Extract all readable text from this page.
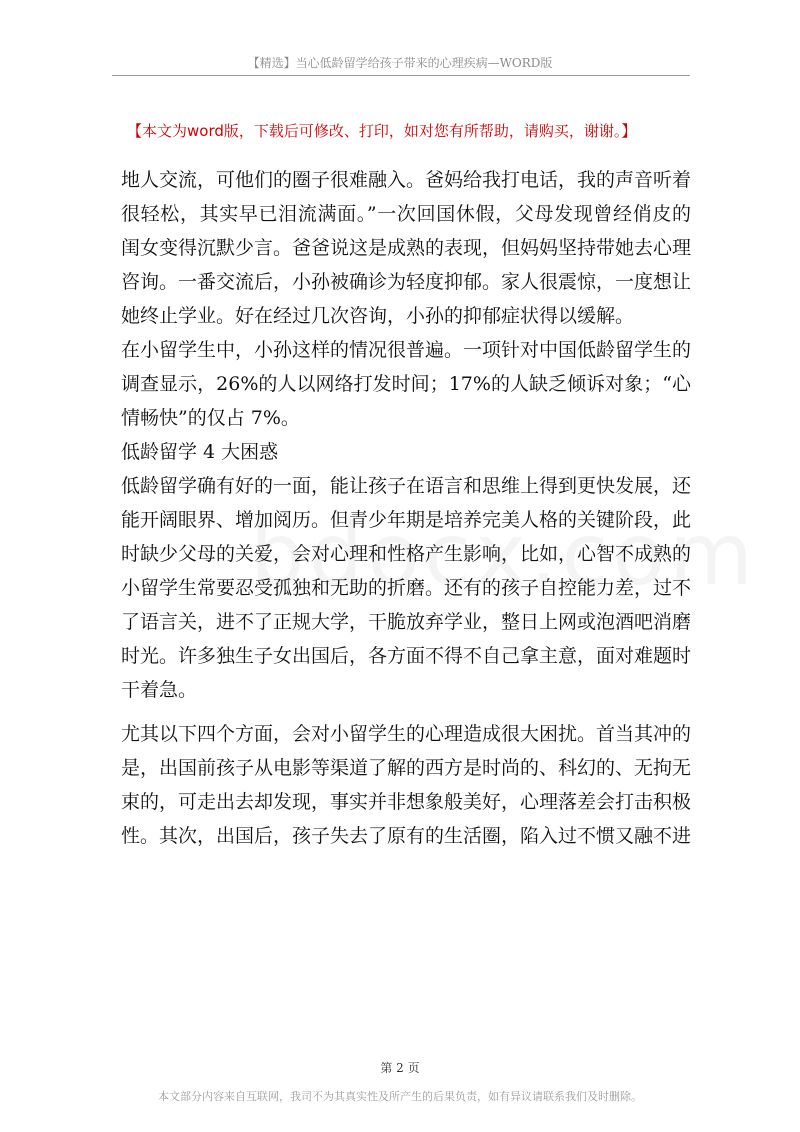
【精选】当心低龄留学给孩子带来的心理疾病—WORD版
【本文为word版，下载后可修改、打印，如对您有所帮助，请购买，谢谢。】

地人交流，可他们的圈子很难融入。爸妈给我打电话，我的声音听着很轻松，其实早已泪流满面。”一次回国休假，父母发现曾经俏皮的闺女变得沉默少言。爸爸说这是成熟的表现，但妈妈坚持带她去心理咨询。一番交流后，小孙被确诊为轻度抑郁。家人很震惊，一度想让她终止学业。好在经过几次咨询，小孙的抑郁症状得以缓解。

在小留学生中，小孙这样的情况很普遍。一项针对中国低龄留学生的调查显示，26%的人以网络打发时间；17%的人缺乏倾诉对象；“心情畅快”的仅占 7%。

低龄留学 4 大困惑

低龄留学确有好的一面，能让孩子在语言和思维上得到更快发展，还能开阔眼界、增加阅历。但青少年期是培养完美人格的关键阶段，此时缺少父母的关爱，会对心理和性格产生影响，比如，心智不成熟的小留学生常要忍受孤独和无助的折磨。还有的孩子自控能力差，过不了语言关，进不了正规大学，干脆放弃学业，整日上网或泡酒吧消磨时光。许多独生子女出国后，各方面不得不自己拿主意，面对难题时干着急。

尤其以下四个方面，会对小留学生的心理造成很大困扰。首当其冲的是，出国前孩子从电影等渠道了解的西方是时尚的、科幻的、无拘无束的，可走出去却发现，事实并非想象般美好，心理落差会打击积极性。其次，出国后，孩子失去了原有的生活圈，陷入过不惯又融不进

第 2 页
本文部分内容来自互联网，我司不为其真实性及所产生的后果负责，如有异议请联系我们及时删除。
